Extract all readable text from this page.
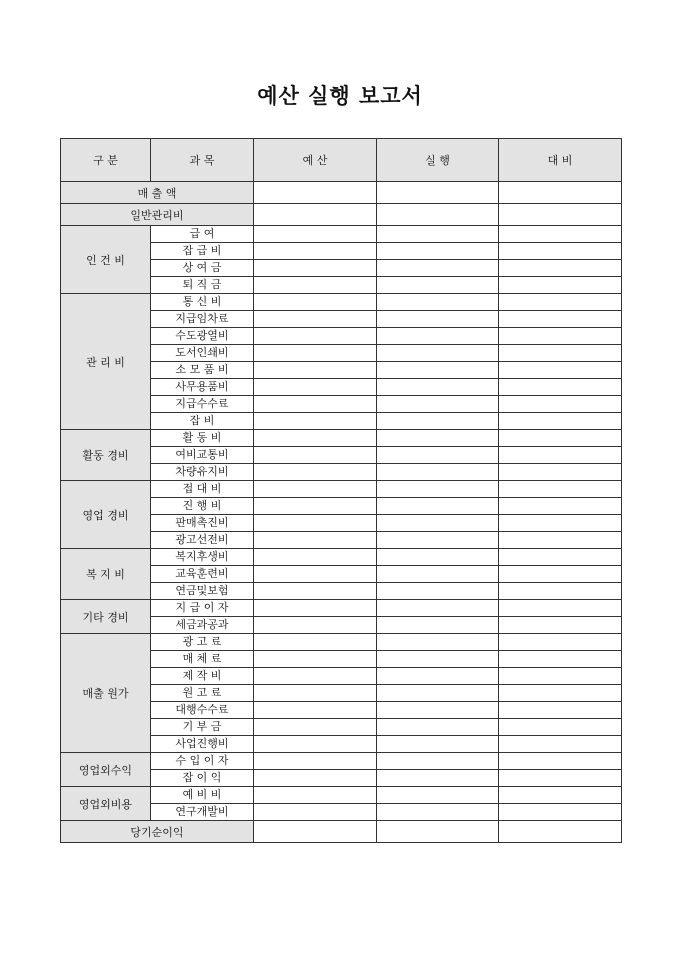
예산 실행 보고서
구 분	과 목	예 산	실 행	대 비
매 출 액				
일반관리비				
인 건 비	급 여			
	잡 급 비			
	상 여 금			
	퇴 직 금			
관 리 비	통 신 비			
	지급임차료			
	수도광열비			
	도서인쇄비			
	소 모 품 비			
	사무용품비			
	지급수수료			
	잡 비			
활동 경비	활 동 비			
	여비교통비			
	차량유지비			
영업 경비	접 대 비			
	진 행 비			
	판매촉진비			
	광고선전비			
복 지 비	복지후생비			
	교육훈련비			
	연금및보험			
기타 경비	지 급 이 자			
	세금과공과			
매출 원가	광 고 료			
	매 체 료			
	제 작 비			
	원 고 료			
	대행수수료			
	기 부 금			
	사업진행비			
영업외수익	수 입 이 자			
	잡 이 익			
영업외비용	예 비 비			
	연구개발비			
당기순이익				
